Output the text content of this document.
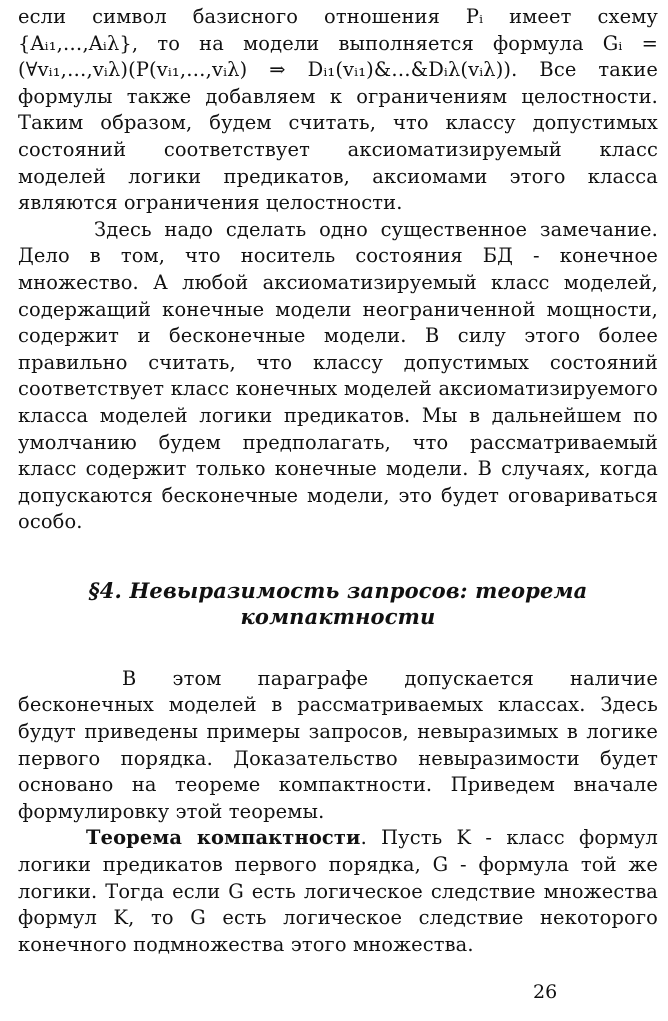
если символ базисного отношения Pᵢ имеет схему {Aᵢ₁,…,Aᵢλ}, то на модели выполняется формула Gᵢ = (∀vᵢ₁,…,vᵢλ)(P(vᵢ₁,…,vᵢλ) ⇒ Dᵢ₁(vᵢ₁)&…&Dᵢλ(vᵢλ)). Все такие формулы также добавляем к ограничениям целостности. Таким образом, будем считать, что классу допустимых состояний соответствует аксиоматизируемый класс моделей логики предикатов, аксиомами этого класса являются ограничения целостности.

Здесь надо сделать одно существенное замечание. Дело в том, что носитель состояния БД - конечное множество. А любой аксиоматизируемый класс моделей, содержащий конечные модели неограниченной мощности, содержит и бесконечные модели. В силу этого более правильно считать, что классу допустимых состояний соответствует класс конечных моделей аксиоматизируемого класса моделей логики предикатов. Мы в дальнейшем по умолчанию будем предполагать, что рассматриваемый класс содержит только конечные модели. В случаях, когда допускаются бесконечные модели, это будет оговариваться особо.

§4. Невыразимость запросов: теорема
компактности

В этом параграфе допускается наличие бесконечных моделей в рассматриваемых классах. Здесь будут приведены примеры запросов, невыразимых в логике первого порядка. Доказательство невыразимости будет основано на теореме компактности. Приведем вначале формулировку этой теоремы.

Теорема компактности. Пусть K - класс формул логики предикатов первого порядка, G - формула той же логики. Тогда если G есть логическое следствие множества формул K, то G есть логическое следствие некоторого конечного подмножества этого множества.

26
